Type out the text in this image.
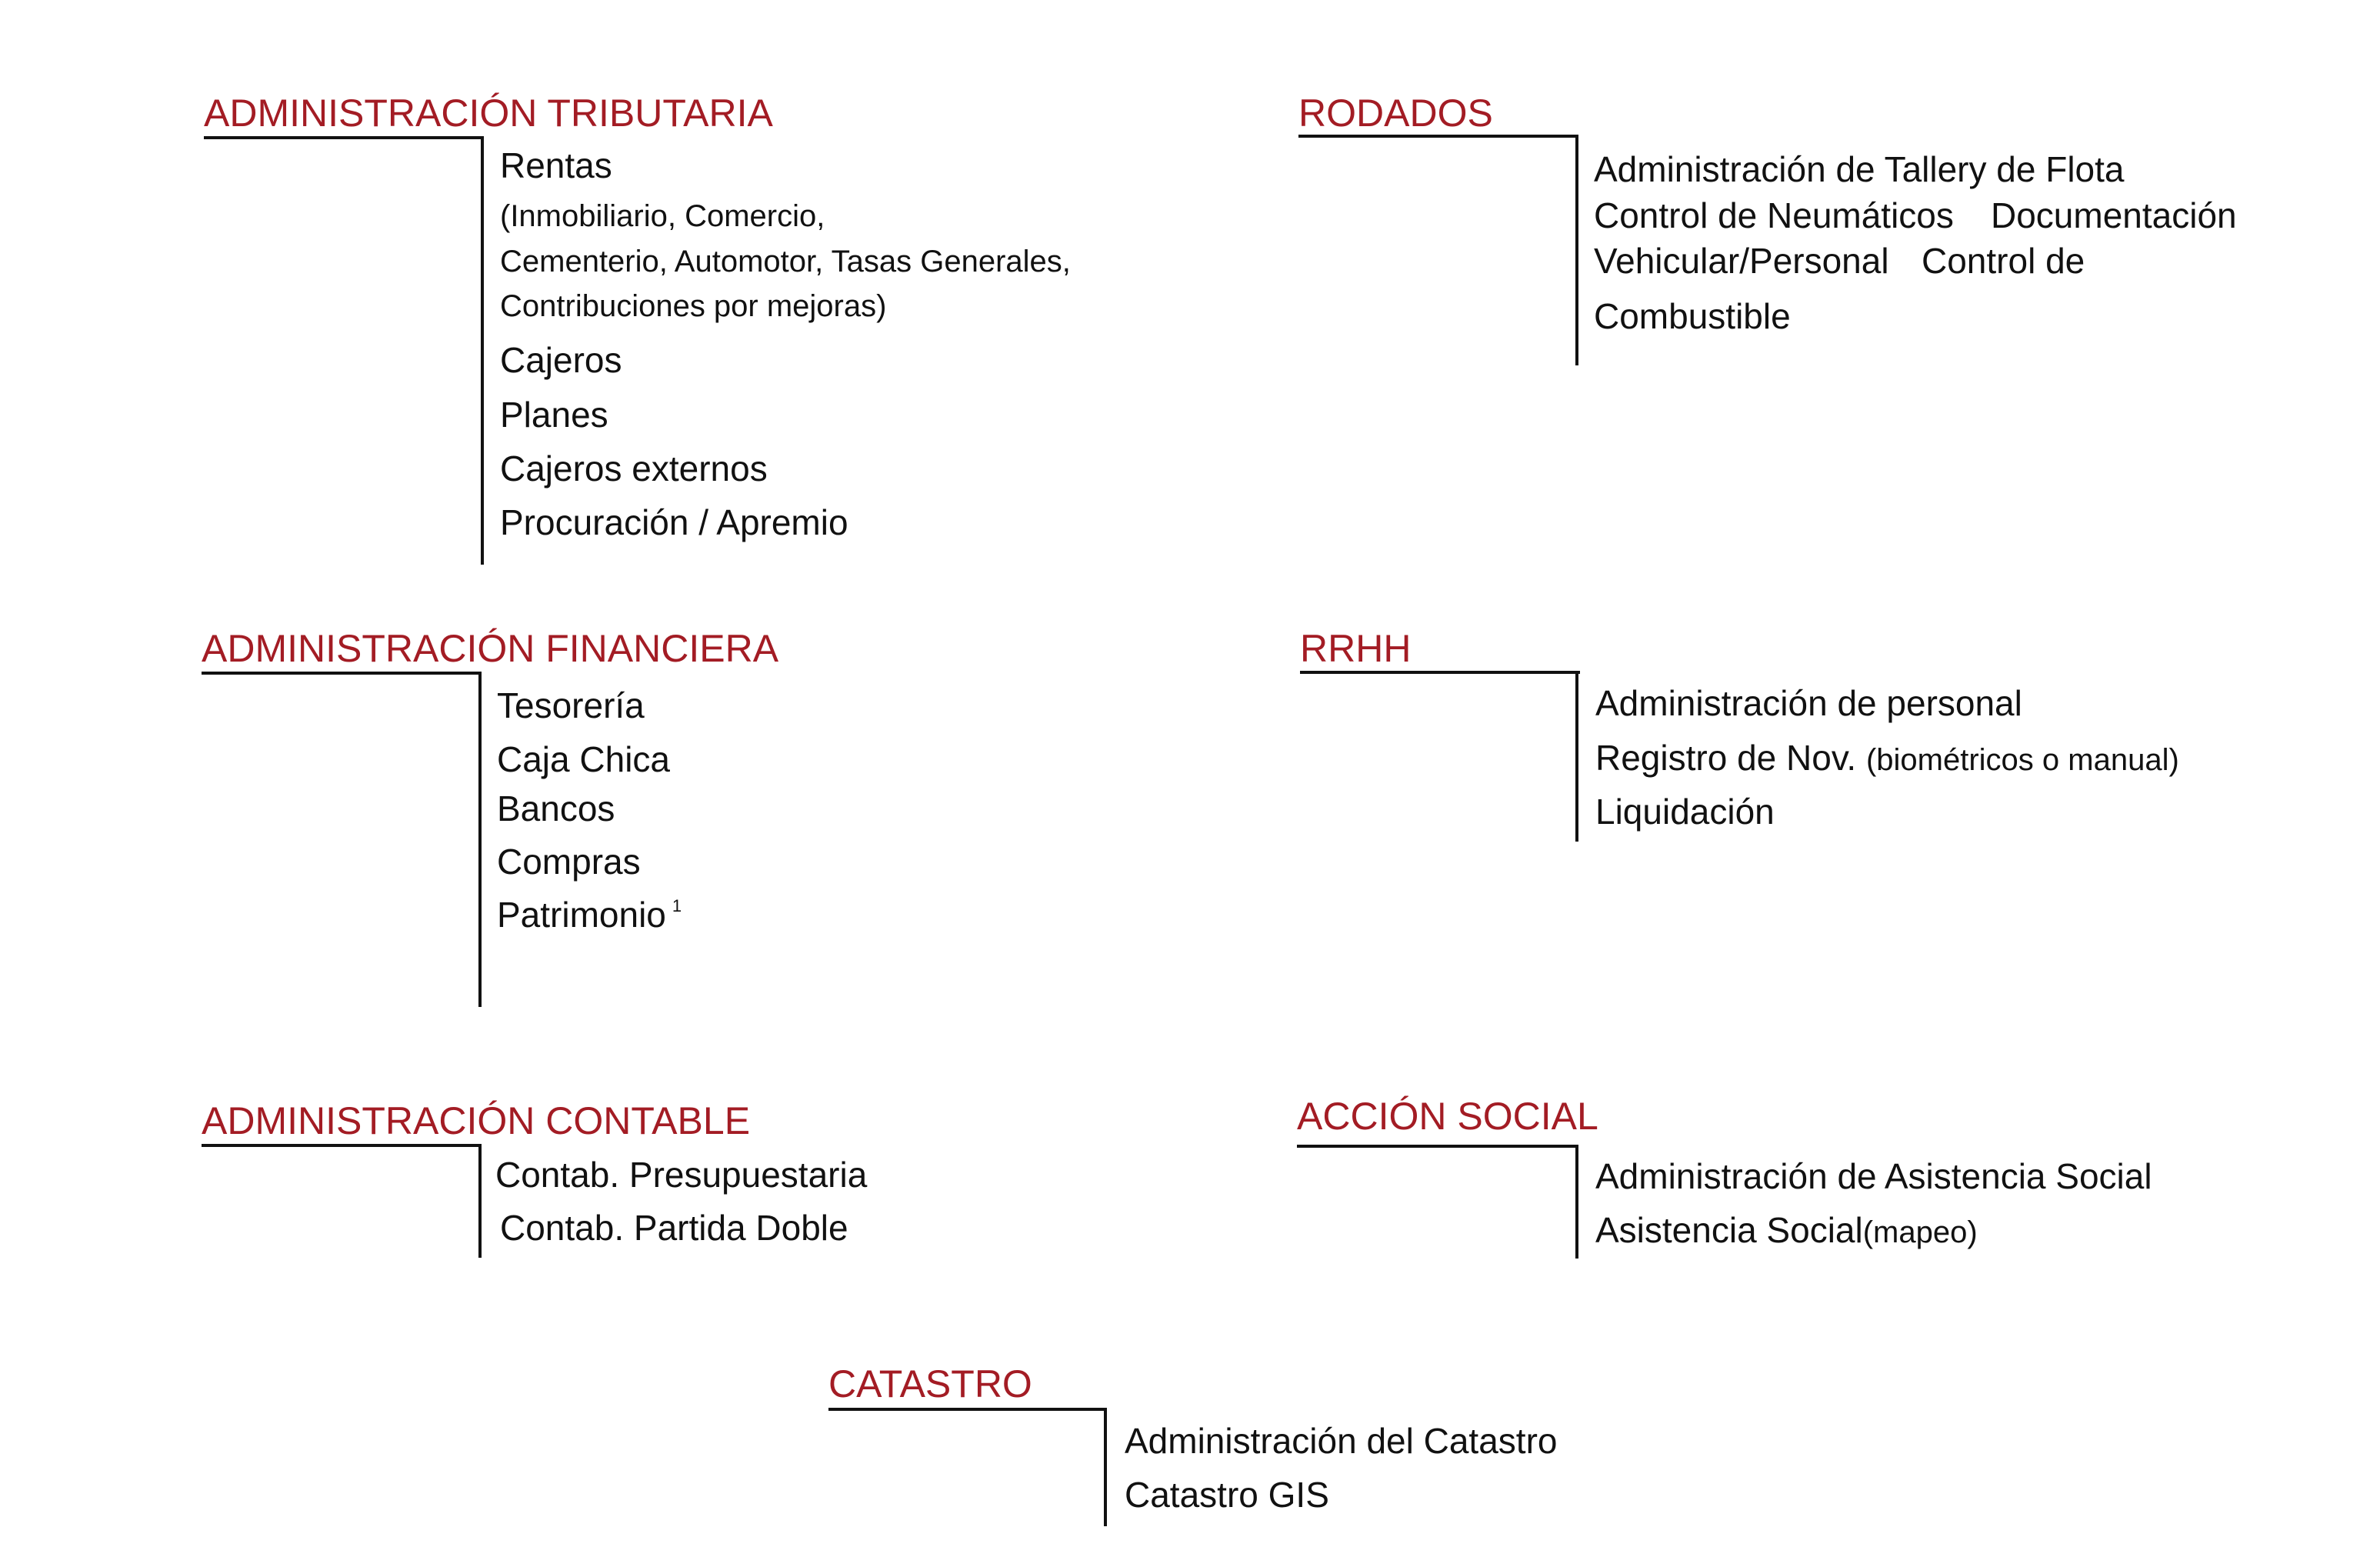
ADMINISTRACIÓN TRIBUTARIA
Rentas
(Inmobiliario, Comercio,
Cementerio, Automotor, Tasas Generales,
Contribuciones por mejoras)
Cajeros
Planes
Cajeros externos
Procuración / Apremio
RODADOS
Administración de Tallery de Flota
Control de Neumáticos Documentación
Vehicular/Personal Control de
Combustible
ADMINISTRACIÓN FINANCIERA
Tesorería
Caja Chica
Bancos
Compras
Patrimonio $^1$
RRHH
Administración de personal
Registro de Nov. (biométricos o manual)
Liquidación
ADMINISTRACIÓN CONTABLE
Contab. Presupuestaria
Contab. Partida Doble
ACCIÓN SOCIAL
Administración de Asistencia Social
Asistencia Social(mapeo)
CATASTRO
Administración del Catastro
Catastro GIS
